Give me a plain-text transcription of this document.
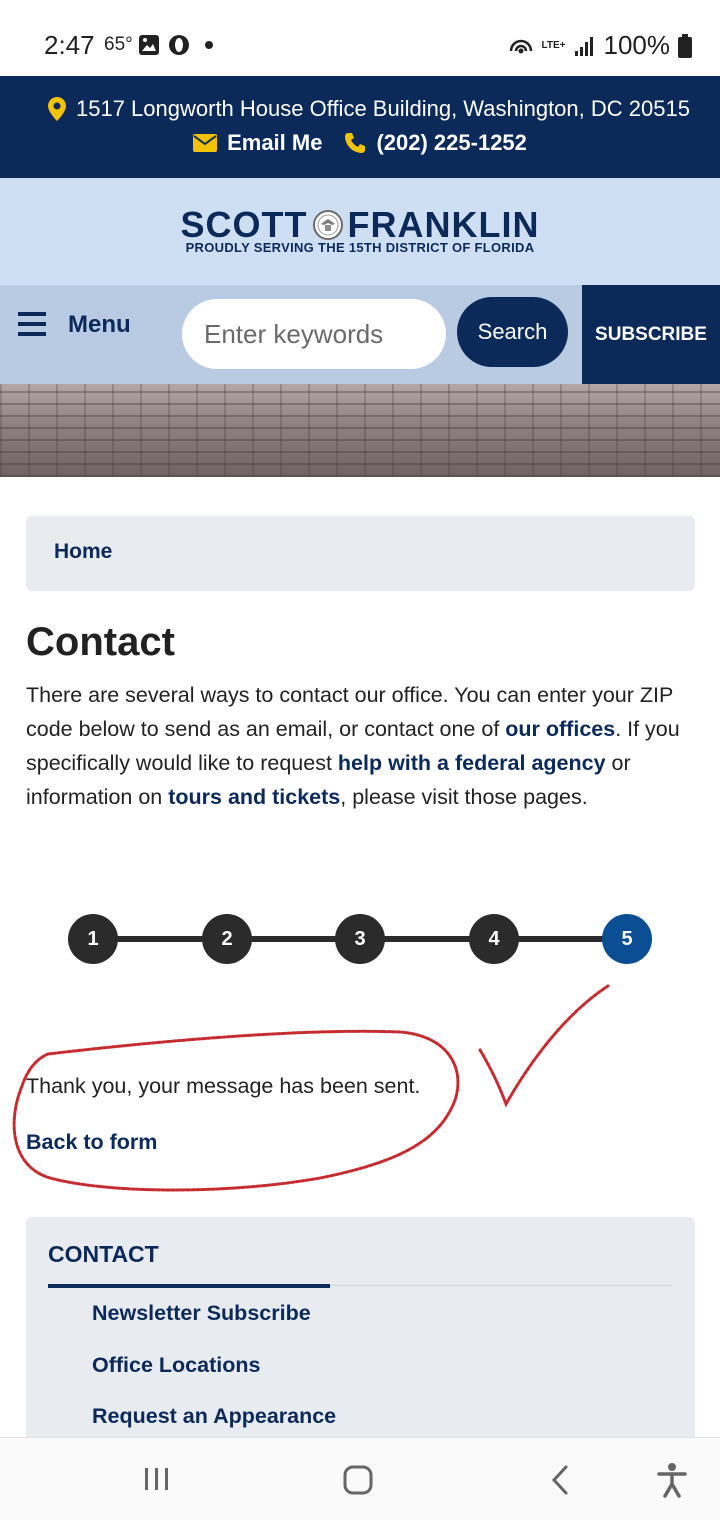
2:47 65°	LTE+ 100%
1517 Longworth House Office Building, Washington, DC 20515
Email Me (202) 225-1252
SCOTT FRANKLIN
PROUDLY SERVING THE 15TH DISTRICT OF FLORIDA
Menu
Enter keywords	Search	SUBSCRIBE
Home
Contact

There are several ways to contact our office. You can enter your ZIP code below to send as an email, or contact one of our offices. If you specifically would like to request help with a federal agency or information on tours and tickets, please visit those pages.

1	2	3	4	5
Thank you, your message has been sent.
Back to form
CONTACT
Newsletter Subscribe
Office Locations
Request an Appearance
